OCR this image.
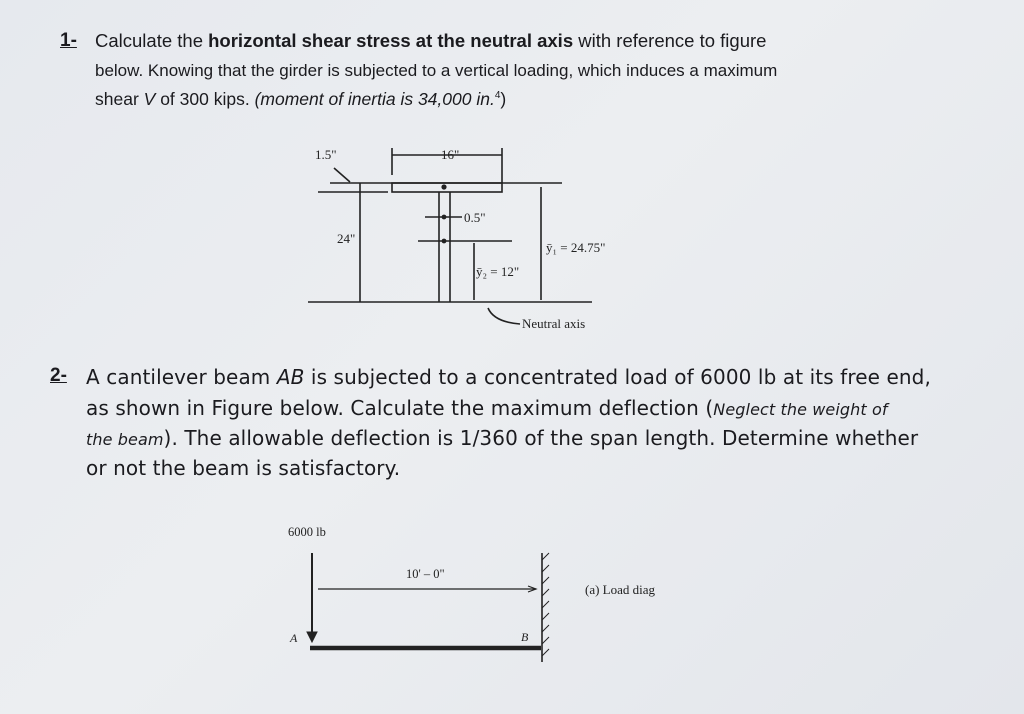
1- Calculate the horizontal shear stress at the neutral axis with reference to figure
below. Knowing that the girder is subjected to a vertical loading, which induces a maximum
shear V of 300 kips. (moment of inertia is 34,000 in.$^4$)
1.5"	16"
0.5"
24"
ȳ₁ = 24.75"
ȳ₂ = 12"
Neutral axis
2- A cantilever beam AB is subjected to a concentrated load of 6000 lb at its free end,
as shown in Figure below. Calculate the maximum deflection (Neglect the weight of
the beam). The allowable deflection is 1/360 of the span length. Determine whether
or not the beam is satisfactory.
6000 lb
10' – 0"
A	B
(a) Load diag
